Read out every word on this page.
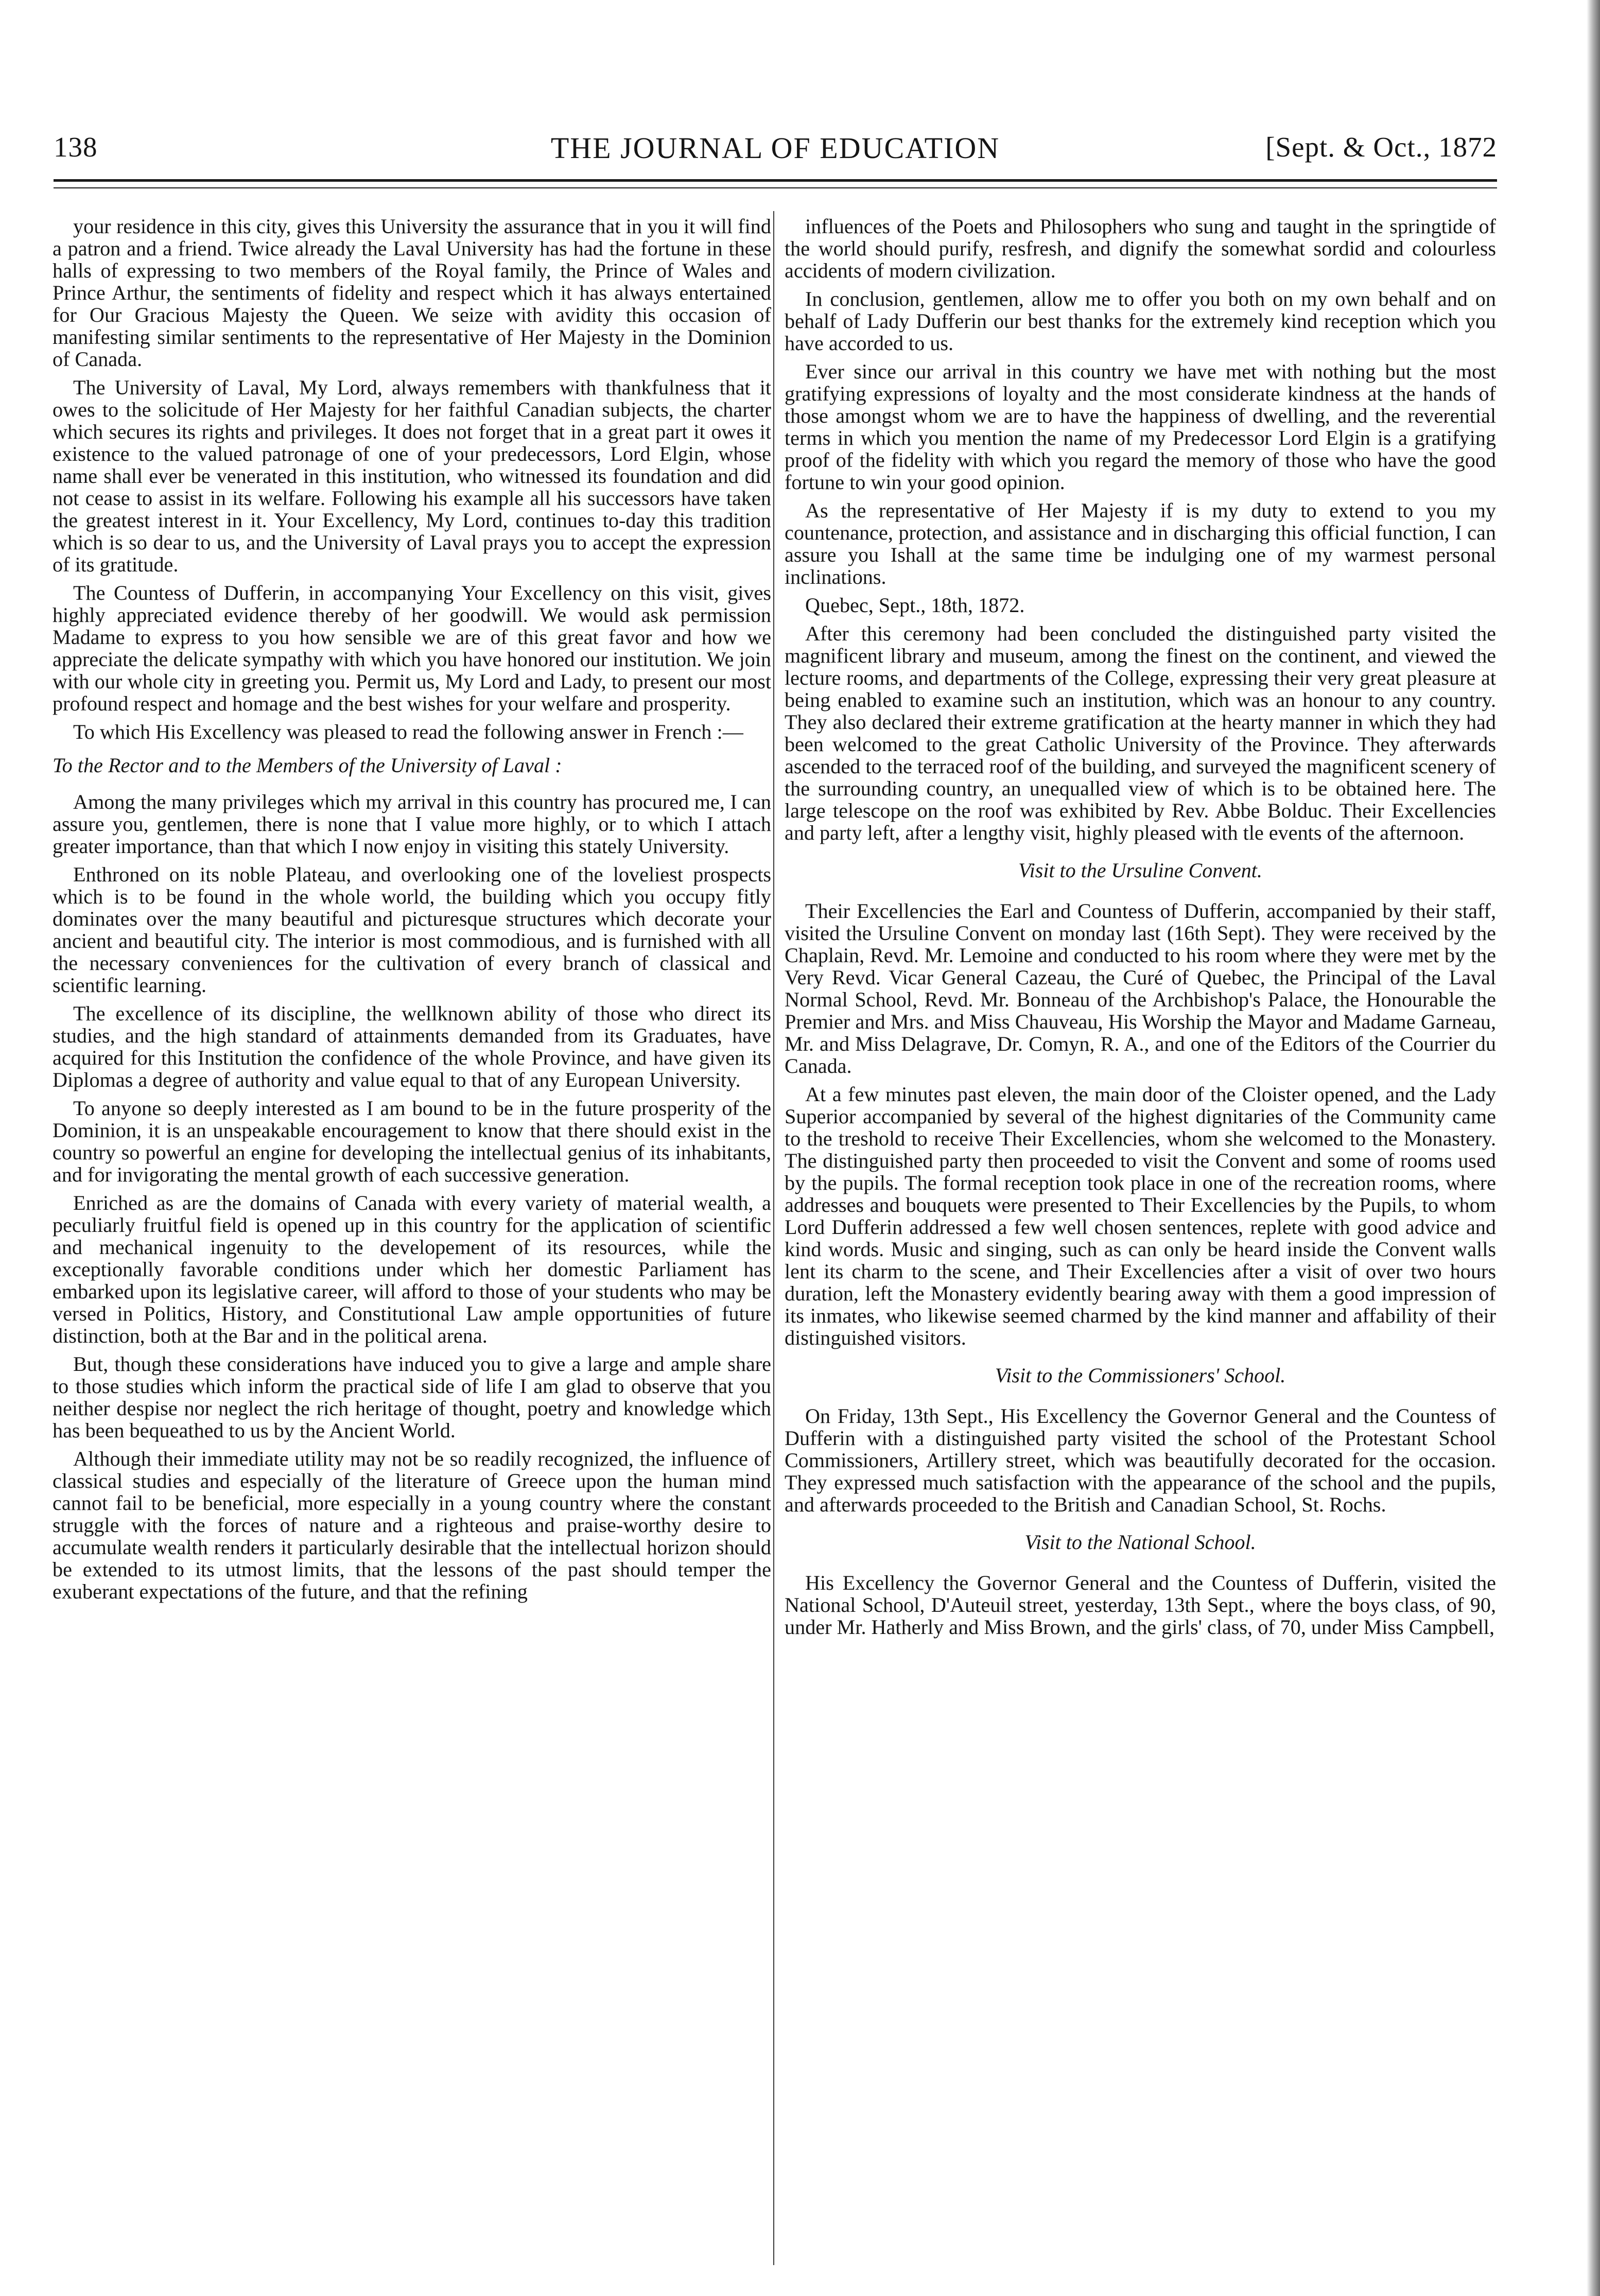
138	THE JOURNAL OF EDUCATION	[Sept. & Oct., 1872

your residence in this city, gives this University the assurance that in you it will find a patron and a friend. Twice already the Laval University has had the fortune in these halls of expressing to two members of the Royal family, the Prince of Wales and Prince Arthur, the sentiments of fidelity and respect which it has always entertained for Our Gracious Majesty the Queen. We seize with avidity this occasion of manifesting similar sentiments to the representative of Her Majesty in the Dominion of Canada.

The University of Laval, My Lord, always remembers with thankfulness that it owes to the solicitude of Her Majesty for her faithful Canadian subjects, the charter which secures its rights and privileges. It does not forget that in a great part it owes it existence to the valued patronage of one of your predecessors, Lord Elgin, whose name shall ever be venerated in this institution, who witnessed its foundation and did not cease to assist in its welfare. Following his example all his successors have taken the greatest interest in it. Your Excellency, My Lord, continues to-day this tradition which is so dear to us, and the University of Laval prays you to accept the expression of its gratitude.

The Countess of Dufferin, in accompanying Your Excellency on this visit, gives highly appreciated evidence thereby of her goodwill. We would ask permission Madame to express to you how sensible we are of this great favor and how we appreciate the delicate sympathy with which you have honored our institution. We join with our whole city in greeting you. Permit us, My Lord and Lady, to present our most profound respect and homage and the best wishes for your welfare and prosperity.

To which His Excellency was pleased to read the following answer in French :—

To the Rector and to the Members of the University of Laval :

Among the many privileges which my arrival in this country has procured me, I can assure you, gentlemen, there is none that I value more highly, or to which I attach greater importance, than that which I now enjoy in visiting this stately University.

Enthroned on its noble Plateau, and overlooking one of the loveliest prospects which is to be found in the whole world, the building which you occupy fitly dominates over the many beautiful and picturesque structures which decorate your ancient and beautiful city. The interior is most commodious, and is furnished with all the necessary conveniences for the cultivation of every branch of classical and scientific learning.

The excellence of its discipline, the wellknown ability of those who direct its studies, and the high standard of attainments demanded from its Graduates, have acquired for this Institution the confidence of the whole Province, and have given its Diplomas a degree of authority and value equal to that of any European University.

To anyone so deeply interested as I am bound to be in the future prosperity of the Dominion, it is an unspeakable encouragement to know that there should exist in the country so powerful an engine for developing the intellectual genius of its inhabitants, and for invigorating the mental growth of each successive generation.

Enriched as are the domains of Canada with every variety of material wealth, a peculiarly fruitful field is opened up in this country for the application of scientific and mechanical ingenuity to the developement of its resources, while the exceptionally favorable conditions under which her domestic Parliament has embarked upon its legislative career, will afford to those of your students who may be versed in Politics, History, and Constitutional Law ample opportunities of future distinction, both at the Bar and in the political arena.

But, though these considerations have induced you to give a large and ample share to those studies which inform the practical side of life I am glad to observe that you neither despise nor neglect the rich heritage of thought, poetry and knowledge which has been bequeathed to us by the Ancient World.

Although their immediate utility may not be so readily recognized, the influence of classical studies and especially of the literature of Greece upon the human mind cannot fail to be beneficial, more especially in a young country where the constant struggle with the forces of nature and a righteous and praise-worthy desire to accumulate wealth renders it particularly desirable that the intellectual horizon should be extended to its utmost limits, that the lessons of the past should temper the exuberant expectations of the future, and that the refining

influences of the Poets and Philosophers who sung and taught in the springtide of the world should purify, resfresh, and dignify the somewhat sordid and colourless accidents of modern civilization.

In conclusion, gentlemen, allow me to offer you both on my own behalf and on behalf of Lady Dufferin our best thanks for the extremely kind reception which you have accorded to us.

Ever since our arrival in this country we have met with nothing but the most gratifying expressions of loyalty and the most considerate kindness at the hands of those amongst whom we are to have the happiness of dwelling, and the reverential terms in which you mention the name of my Predecessor Lord Elgin is a gratifying proof of the fidelity with which you regard the memory of those who have the good fortune to win your good opinion.

As the representative of Her Majesty if is my duty to extend to you my countenance, protection, and assistance and in discharging this official function, I can assure you Ishall at the same time be indulging one of my warmest personal inclinations.

Quebec, Sept., 18th, 1872.

After this ceremony had been concluded the distinguished party visited the magnificent library and museum, among the finest on the continent, and viewed the lecture rooms, and departments of the College, expressing their very great pleasure at being enabled to examine such an institution, which was an honour to any country. They also declared their extreme gratification at the hearty manner in which they had been welcomed to the great Catholic University of the Province. They afterwards ascended to the terraced roof of the building, and surveyed the magnificent scenery of the surrounding country, an unequalled view of which is to be obtained here. The large telescope on the roof was exhibited by Rev. Abbe Bolduc. Their Excellencies and party left, after a lengthy visit, highly pleased with tle events of the afternoon.

Visit to the Ursuline Convent.

Their Excellencies the Earl and Countess of Dufferin, accompanied by their staff, visited the Ursuline Convent on monday last (16th Sept). They were received by the Chaplain, Revd. Mr. Lemoine and conducted to his room where they were met by the Very Revd. Vicar General Cazeau, the Curé of Quebec, the Principal of the Laval Normal School, Revd. Mr. Bonneau of the Archbishop's Palace, the Honourable the Premier and Mrs. and Miss Chauveau, His Worship the Mayor and Madame Garneau, Mr. and Miss Delagrave, Dr. Comyn, R. A., and one of the Editors of the Courrier du Canada.

At a few minutes past eleven, the main door of the Cloister opened, and the Lady Superior accompanied by several of the highest dignitaries of the Community came to the treshold to receive Their Excellencies, whom she welcomed to the Monastery. The distinguished party then proceeded to visit the Convent and some of rooms used by the pupils. The formal reception took place in one of the recreation rooms, where addresses and bouquets were presented to Their Excellencies by the Pupils, to whom Lord Dufferin addressed a few well chosen sentences, replete with good advice and kind words. Music and singing, such as can only be heard inside the Convent walls lent its charm to the scene, and Their Excellencies after a visit of over two hours duration, left the Monastery evidently bearing away with them a good impression of its inmates, who likewise seemed charmed by the kind manner and affability of their distinguished visitors.

Visit to the Commissioners' School.

On Friday, 13th Sept., His Excellency the Governor General and the Countess of Dufferin with a distinguished party visited the school of the Protestant School Commissioners, Artillery street, which was beautifully decorated for the occasion. They expressed much satisfaction with the appearance of the school and the pupils, and afterwards proceeded to the British and Canadian School, St. Rochs.

Visit to the National School.

His Excellency the Governor General and the Countess of Dufferin, visited the National School, D'Auteuil street, yesterday, 13th Sept., where the boys class, of 90, under Mr. Hatherly and Miss Brown, and the girls' class, of 70, under Miss Campbell,
